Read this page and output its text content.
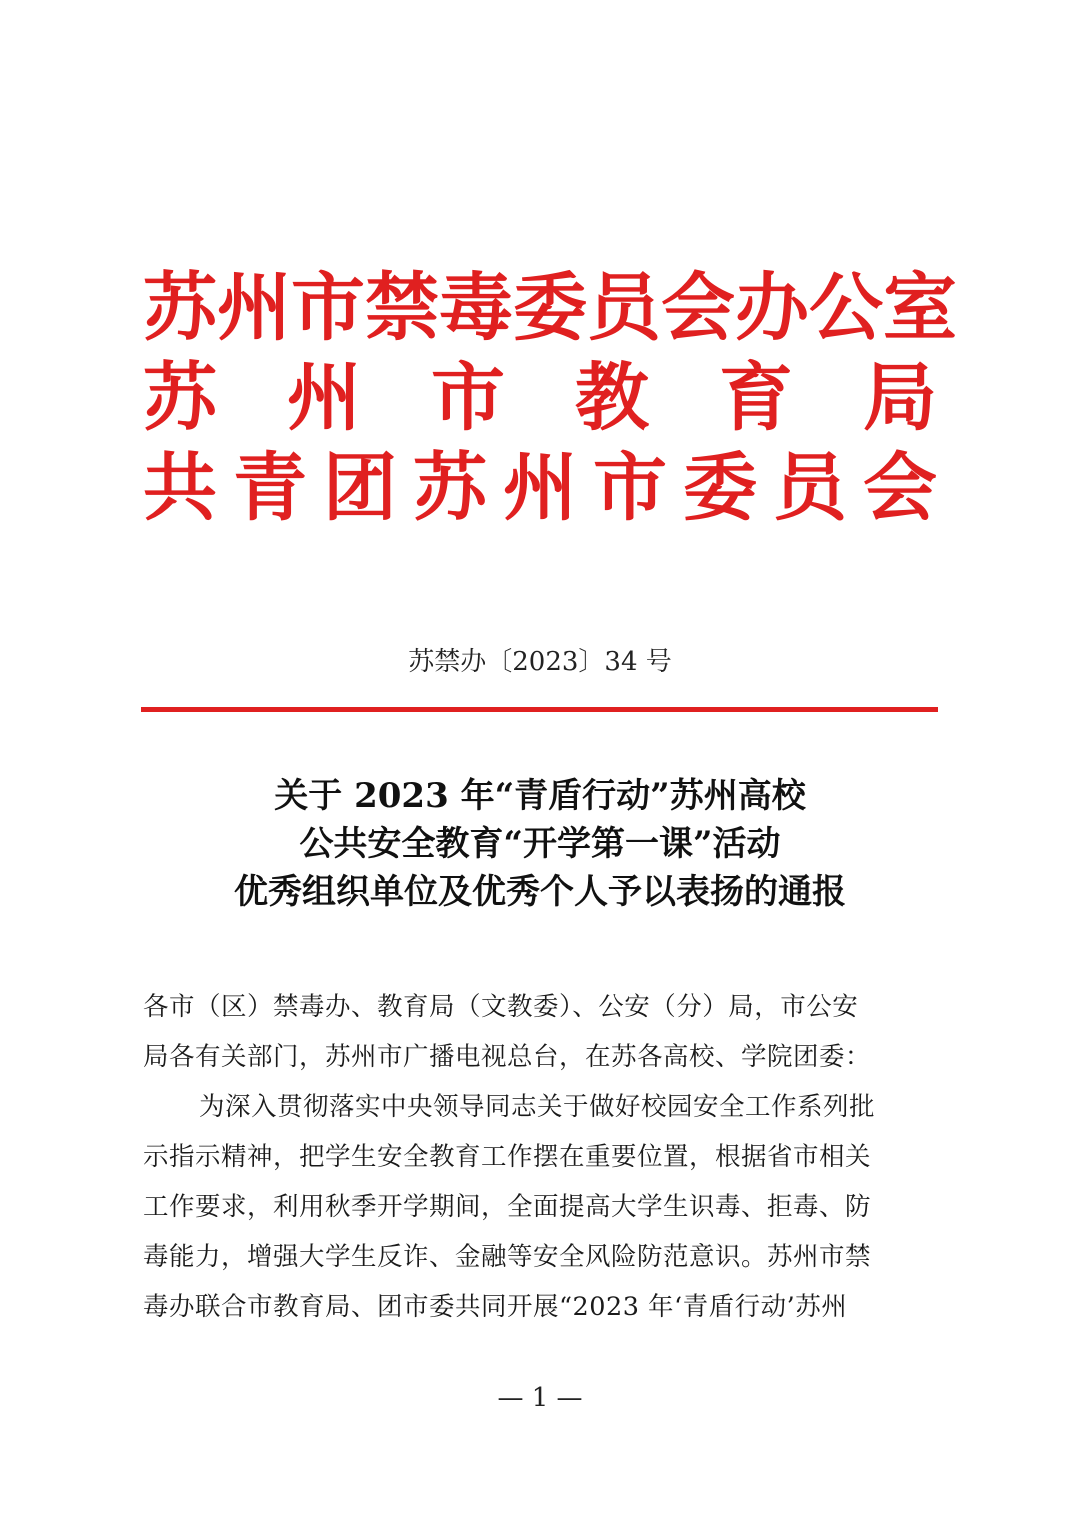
苏 州 市 禁 毒 委 员 会 办 公 室
苏 州 市 教 育 局
共 青 团 苏 州 市 委 员 会
苏禁办〔2023〕34 号
关于 2023 年“青盾行动”苏州高校
公共安全教育“开学第一课”活动
优秀组织单位及优秀个人予以表扬的通报
各市（区）禁毒办、教育局（文教委）、公安（分）局，市公安
局各有关部门，苏州市广播电视总台，在苏各高校、学院团委：
为深入贯彻落实中央领导同志关于做好校园安全工作系列批
示指示精神，把学生安全教育工作摆在重要位置，根据省市相关
工作要求，利用秋季开学期间，全面提高大学生识毒、拒毒、防
毒能力，增强大学生反诈、金融等安全风险防范意识。苏州市禁
毒办联合市教育局、团市委共同开展“2023 年‘青盾行动’苏州
— 1 —
